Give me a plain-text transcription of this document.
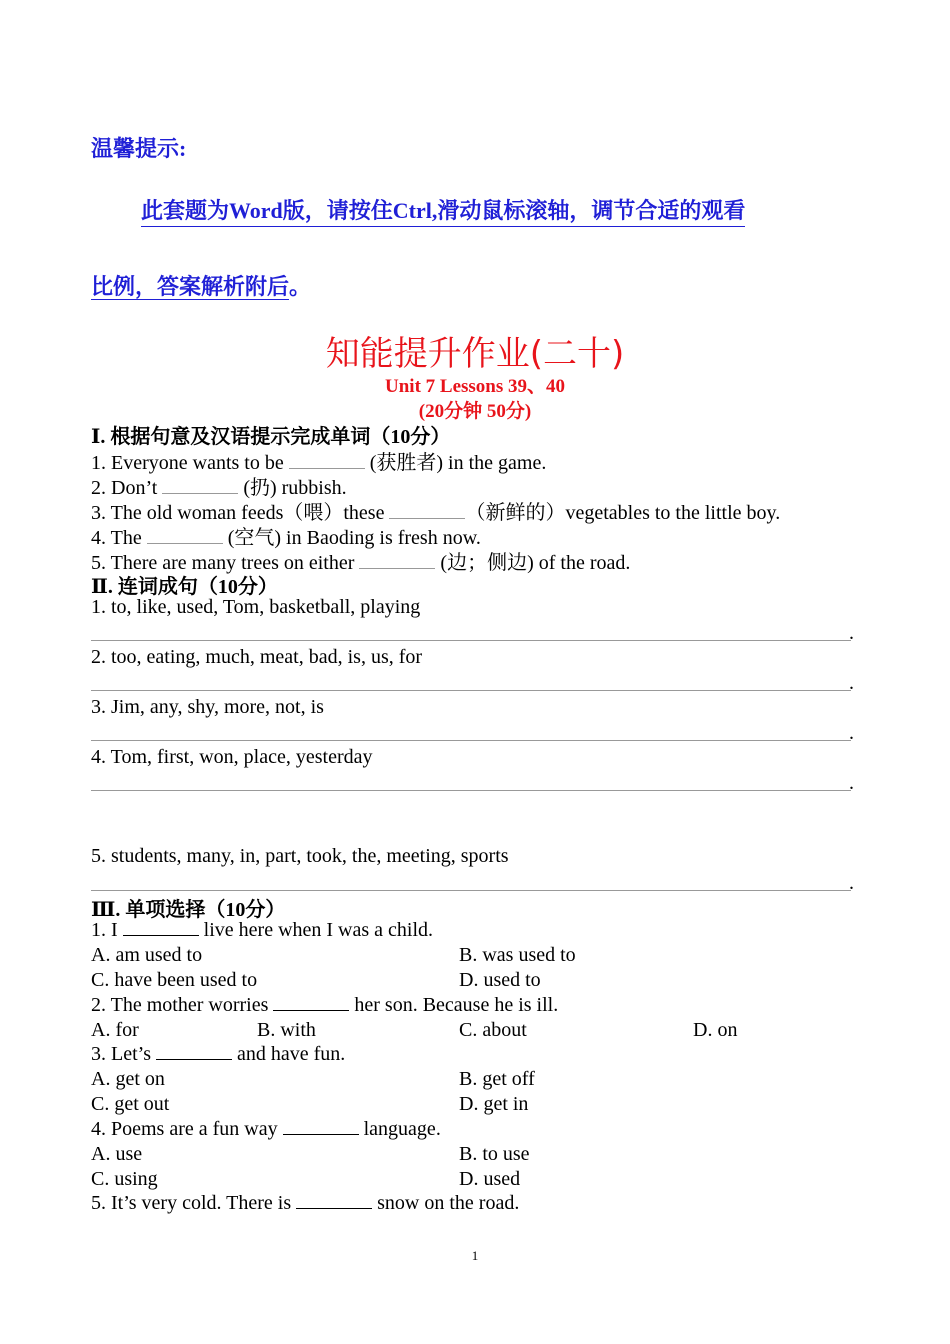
温馨提示:
此套题为Word版，请按住Ctrl,滑动鼠标滚轴，调节合适的观看
比例，答案解析附后。
知能提升作业(二十)
Unit 7 Lessons 39、40
(20分钟 50分)
Ⅰ. 根据句意及汉语提示完成单词（10分）
1. Everyone wants to be	(获胜者) in the game.
2. Don’t	(扔) rubbish.
3. The old woman feeds（喂）these	（新鲜的）vegetables to the little boy.
4. The	(空气) in Baoding is fresh now.
5. There are many trees on either	(边；侧边) of the road.
Ⅱ. 连词成句（10分）
1. to, like, used, Tom, basketball, playing
.
2. too, eating, much, meat, bad, is, us, for
.
3. Jim, any, shy, more, not, is
.
4. Tom, first, won, place, yesterday
.
5. students, many, in, part, took, the, meeting, sports
.
Ⅲ. 单项选择（10分）
1. I	live here when I was a child.
A. am used to	B. was used to
C. have been used to	D. used to
2. The mother worries	her son. Because he is ill.
A. for	B. with	C. about	D. on
3. Let’s	and have fun.
A. get on	B. get off
C. get out	D. get in
4. Poems are a fun way	language.
A. use	B. to use
C. using	D. used
5. It’s very cold. There is	snow on the road.
1
